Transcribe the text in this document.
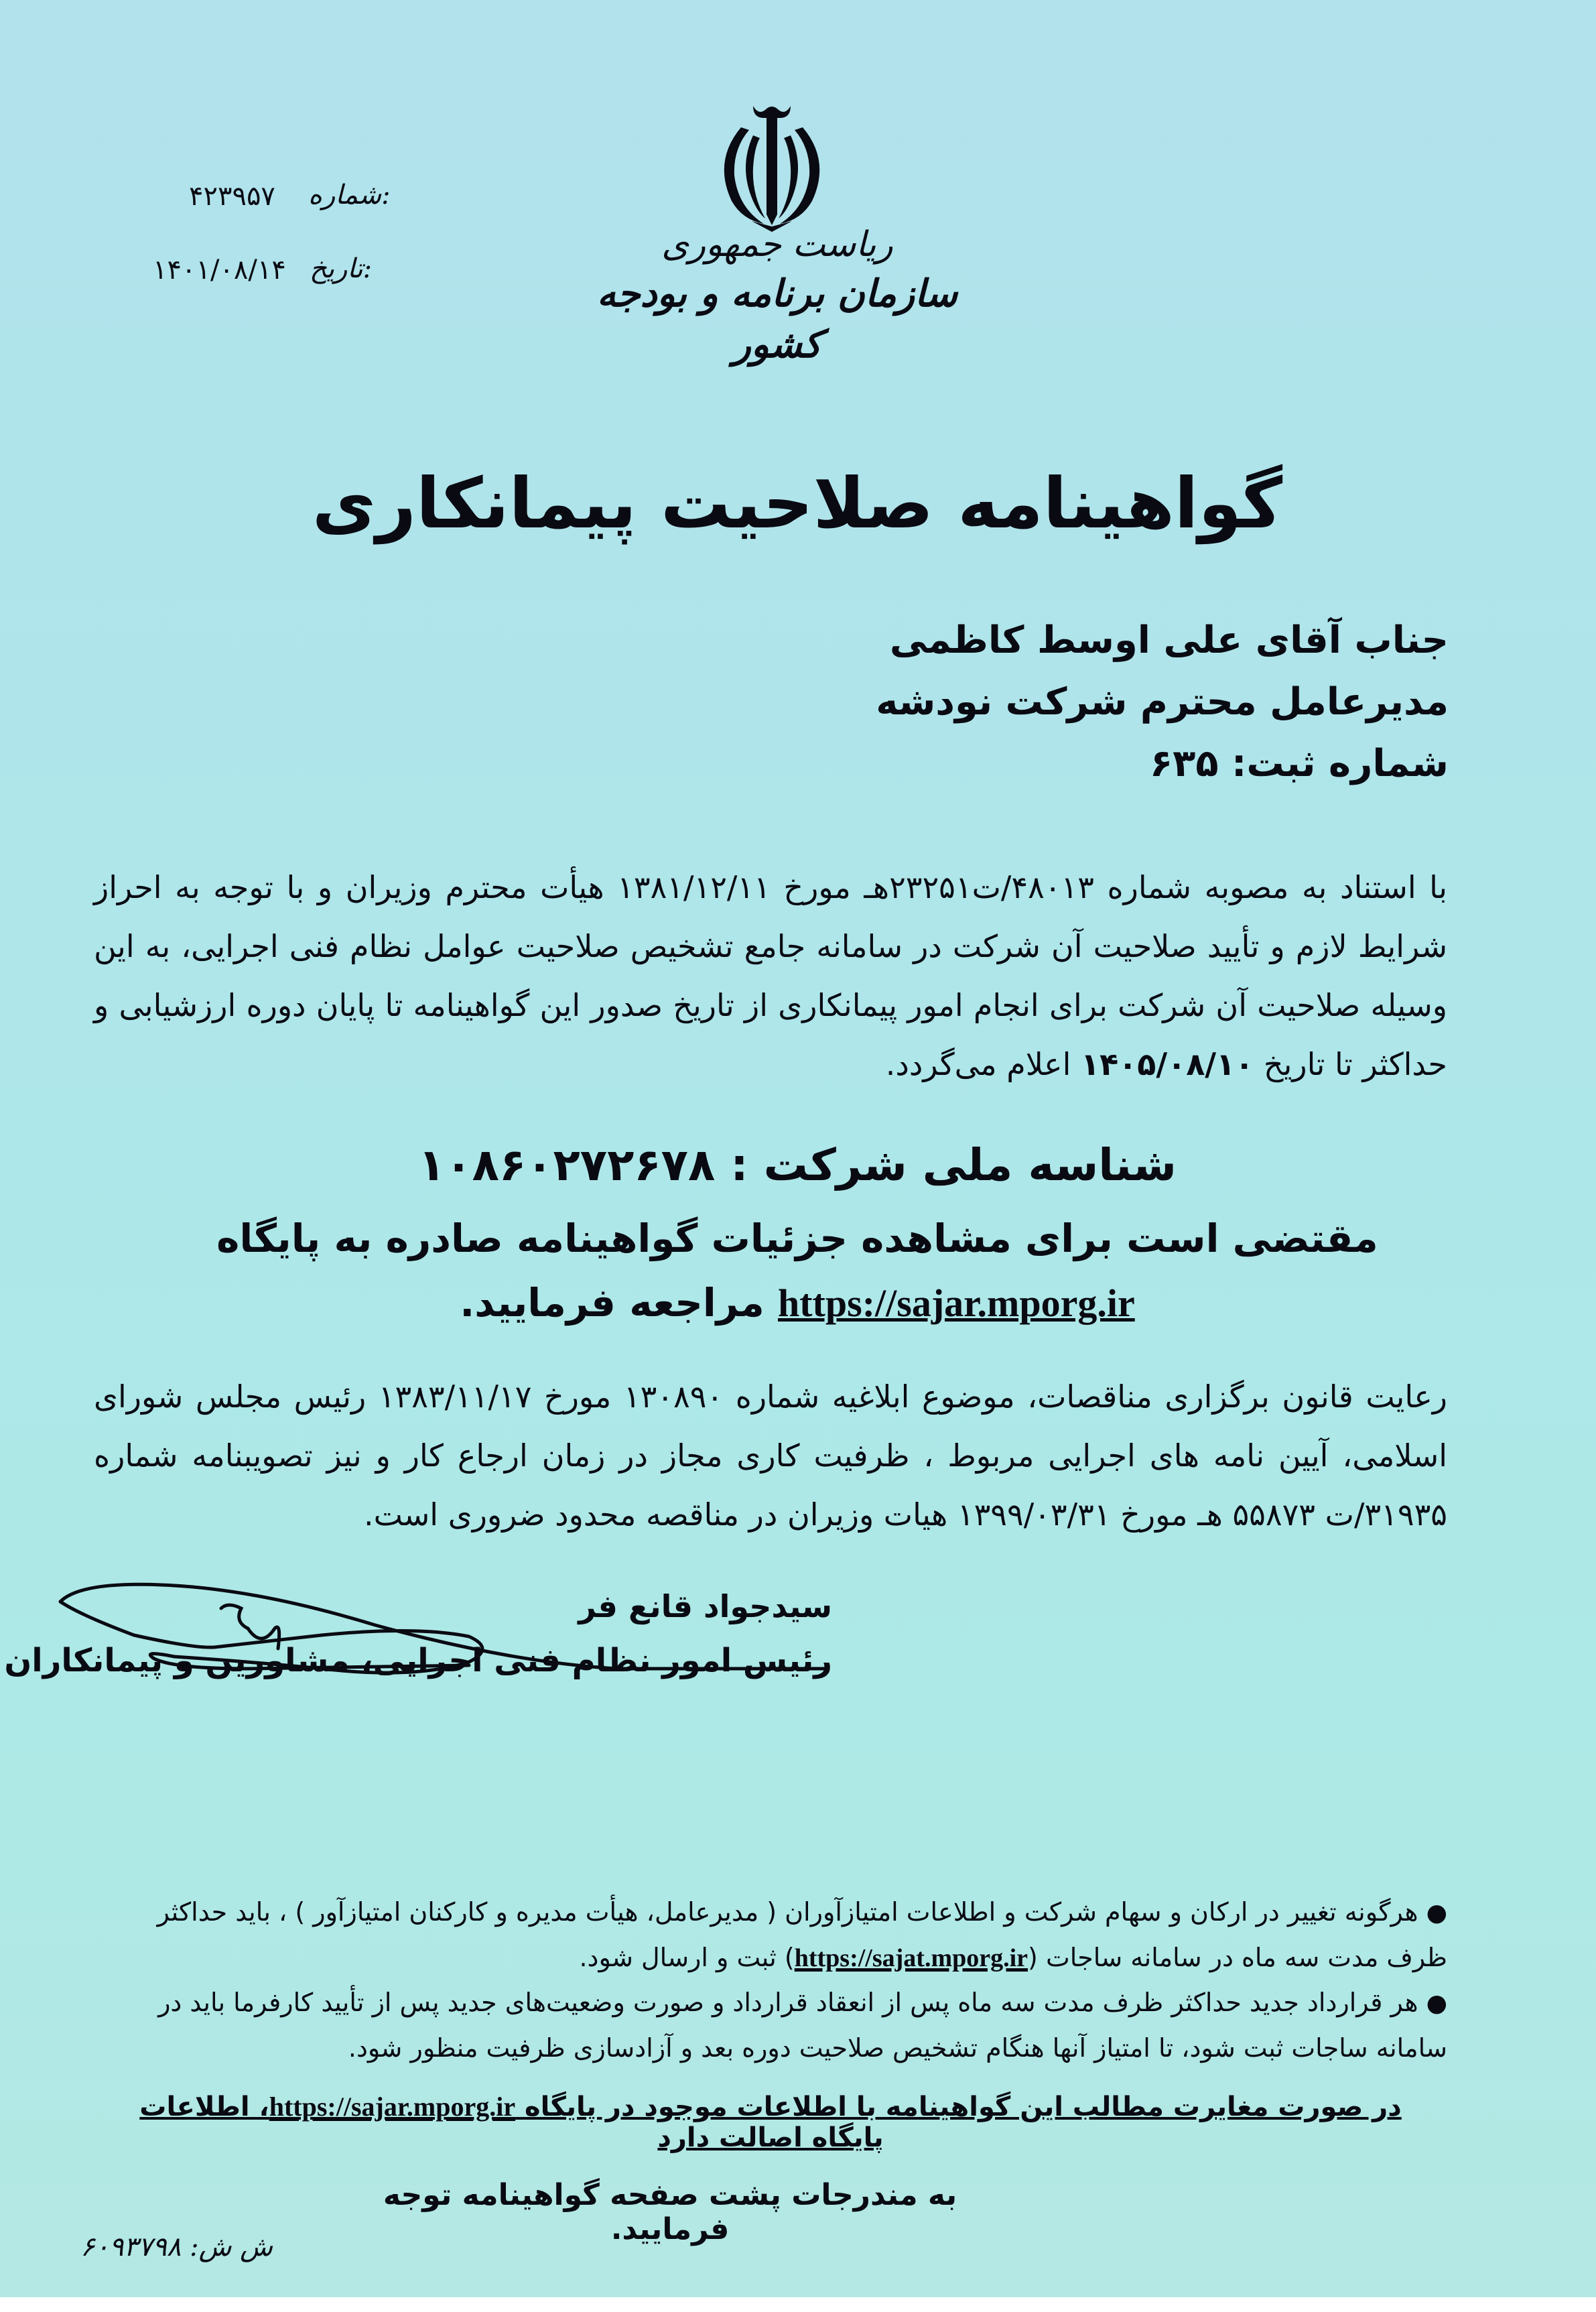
شماره:
۴۲۳۹۵۷
تاریخ:
۱۴۰۱/۰۸/۱۴
ریاست جمهوری
سازمان برنامه و بودجه کشور
گواهینامه صلاحیت پیمانکاری
جناب آقای علی اوسط کاظمی
مدیرعامل محترم شرکت نودشه
شماره ثبت: ۶۳۵
با استناد به مصوبه شماره ۴۸۰۱۳/ت۲۳۲۵۱هـ مورخ ۱۳۸۱/۱۲/۱۱ هیأت محترم وزیران و با توجه به احراز شرایط لازم و تأیید صلاحیت آن شرکت در سامانه جامع تشخیص صلاحیت عوامل نظام فنی اجرایی، به این وسیله صلاحیت آن شرکت برای انجام امور پیمانکاری از تاریخ صدور این گواهینامه تا پایان دوره ارزشیابی و حداکثر تا تاریخ ۱۴۰۵/۰۸/۱۰ اعلام می‌گردد.
شناسه ملی شرکت : ۱۰۸۶۰۲۷۲۶۷۸
مقتضی است برای مشاهده جزئیات گواهینامه صادره به پایگاه
https://sajar.mporg.ir مراجعه فرمایید.
رعایت قانون برگزاری مناقصات، موضوع ابلاغیه شماره ۱۳۰۸۹۰ مورخ ۱۳۸۳/۱۱/۱۷ رئیس مجلس شورای اسلامی، آیین نامه های اجرایی مربوط ، ظرفیت کاری مجاز در زمان ارجاع کار و نیز تصویبنامه شماره ۳۱۹۳۵/ت ۵۵۸۷۳ هـ مورخ ۱۳۹۹/۰۳/۳۱ هیات وزیران در مناقصه محدود ضروری است.
سیدجواد قانع فر
رئیس امور نظام فنی اجرایی، مشاورین و پیمانکاران
● هرگونه تغییر در ارکان و سهام شرکت و اطلاعات امتیازآوران ( مدیرعامل، هیأت مدیره و کارکنان امتیازآور ) ، باید حداکثر ظرف مدت سه ماه در سامانه ساجات (https://sajat.mporg.ir) ثبت و ارسال شود.
● هر قرارداد جدید حداکثر ظرف مدت سه ماه پس از انعقاد قرارداد و صورت وضعیت‌های جدید پس از تأیید کارفرما باید در سامانه ساجات ثبت شود، تا امتیاز آنها هنگام تشخیص صلاحیت دوره بعد و آزادسازی ظرفیت منظور شود.
در صورت مغایرت مطالب این گواهینامه با اطلاعات موجود در پایگاه https://sajar.mporg.ir، اطلاعات پایگاه اصالت دارد
به مندرجات پشت صفحه گواهینامه توجه فرمایید.
ش ش: ۶۰۹۳۷۹۸
